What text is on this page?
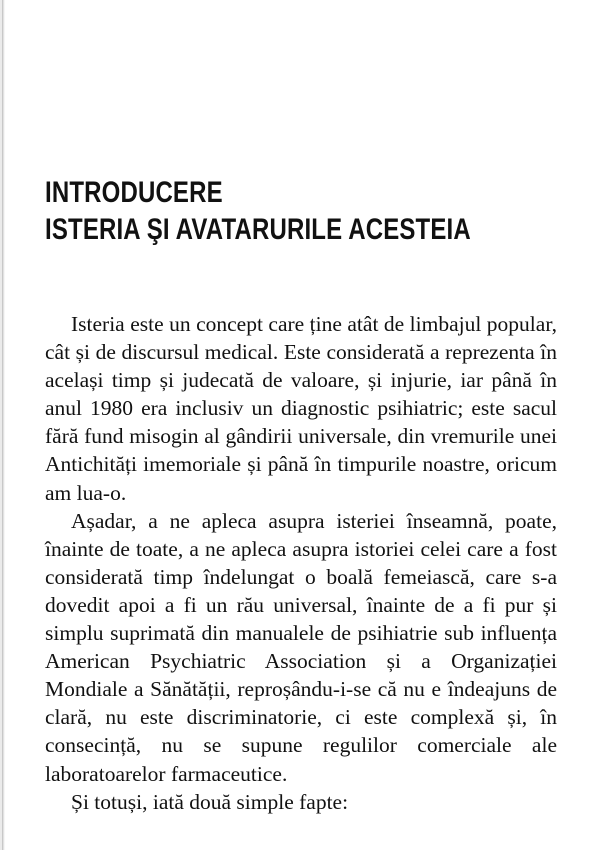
INTRODUCERE
ISTERIA ŞI AVATARURILE ACESTEIA

Isteria este un concept care ține atât de limbajul popular, cât și de discursul medical. Este considerată a reprezenta în același timp și judecată de valoare, și injurie, iar până în anul 1980 era inclusiv un diagnostic psihiatric; este sacul fără fund misogin al gândirii universale, din vremurile unei Antichități imemoriale și până în timpurile noastre, oricum am lua-o.

Așadar, a ne apleca asupra isteriei înseamnă, poate, înainte de toate, a ne apleca asupra istoriei celei care a fost considerată timp îndelungat o boală femeiască, care s-a dovedit apoi a fi un rău universal, înainte de a fi pur și simplu suprimată din manualele de psihiatrie sub influența American Psychiatric Association și a Organizației Mondiale a Sănătății, reproșându-i-se că nu e îndeajuns de clară, nu este discriminatorie, ci este complexă și, în consecință, nu se supune regulilor comerciale ale laboratoarelor farmaceutice.

Și totuși, iată două simple fapte:
